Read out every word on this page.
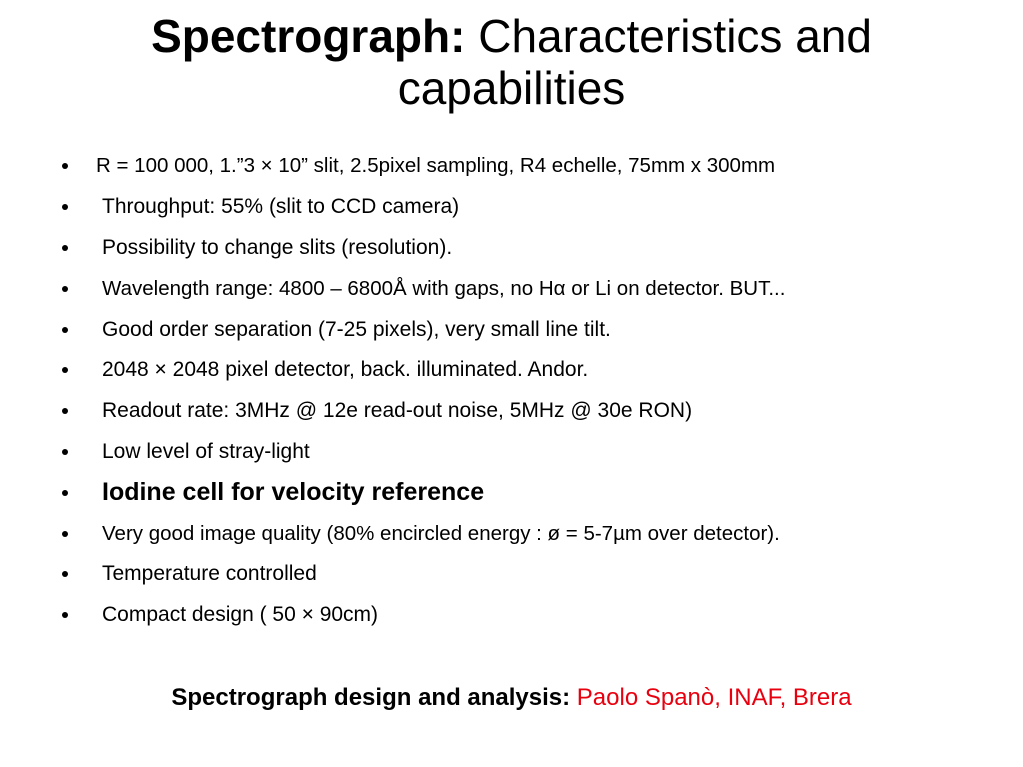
Spectrograph: Characteristics and capabilities
R = 100 000, 1.”3 × 10” slit, 2.5pixel sampling, R4 echelle, 75mm x 300mm
Throughput: 55% (slit to CCD camera)
Possibility to change slits (resolution).
Wavelength range: 4800 – 6800Å with gaps, no Hα or Li on detector. BUT...
Good order separation (7-25 pixels), very small line tilt.
2048 × 2048 pixel detector, back. illuminated. Andor.
Readout rate: 3MHz @ 12e read-out noise, 5MHz @ 30e RON)
Low level of stray-light
Iodine cell for velocity reference
Very good image quality (80% encircled energy : ø = 5-7µm over detector).
Temperature controlled
Compact design ( 50 × 90cm)
Spectrograph design and analysis: Paolo Spanò, INAF, Brera
